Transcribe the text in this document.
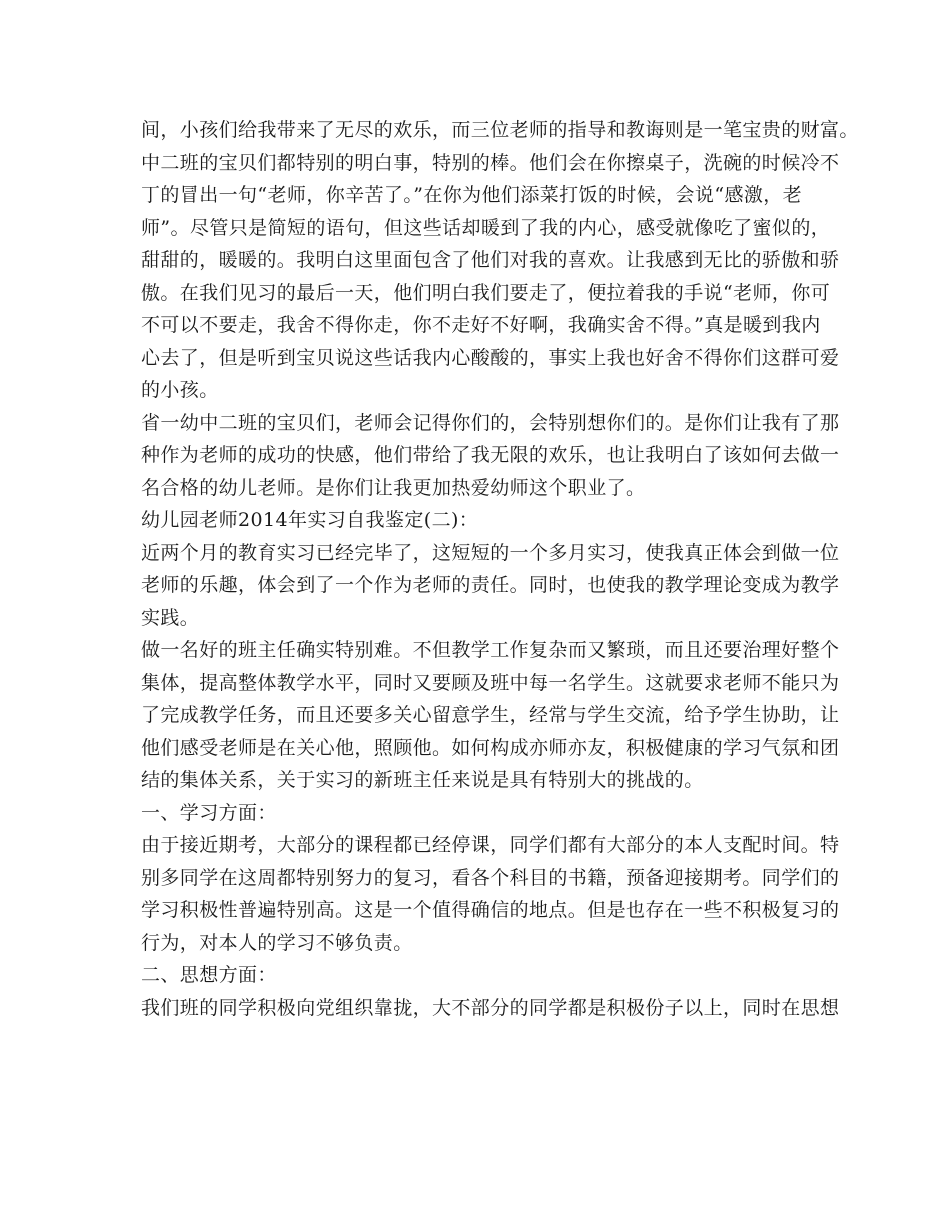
间，小孩们给我带来了无尽的欢乐，而三位老师的指导和教诲则是一笔宝贵的财富。
中二班的宝贝们都特别的明白事，特别的棒。他们会在你擦桌子，洗碗的时候冷不
丁的冒出一句“老师，你辛苦了。”在你为他们添菜打饭的时候，会说“感激，老
师”。尽管只是简短的语句，但这些话却暖到了我的内心，感受就像吃了蜜似的，
甜甜的，暖暖的。我明白这里面包含了他们对我的喜欢。让我感到无比的骄傲和骄
傲。在我们见习的最后一天，他们明白我们要走了，便拉着我的手说“老师，你可
不可以不要走，我舍不得你走，你不走好不好啊，我确实舍不得。”真是暖到我内
心去了，但是听到宝贝说这些话我内心酸酸的，事实上我也好舍不得你们这群可爱
的小孩。
省一幼中二班的宝贝们，老师会记得你们的，会特别想你们的。是你们让我有了那
种作为老师的成功的快感，他们带给了我无限的欢乐，也让我明白了该如何去做一
名合格的幼儿老师。是你们让我更加热爱幼师这个职业了。
幼儿园老师2014年实习自我鉴定(二)：
近两个月的教育实习已经完毕了，这短短的一个多月实习，使我真正体会到做一位
老师的乐趣，体会到了一个作为老师的责任。同时，也使我的教学理论变成为教学
实践。
做一名好的班主任确实特别难。不但教学工作复杂而又繁琐，而且还要治理好整个
集体，提高整体教学水平，同时又要顾及班中每一名学生。这就要求老师不能只为
了完成教学任务，而且还要多关心留意学生，经常与学生交流，给予学生协助，让
他们感受老师是在关心他，照顾他。如何构成亦师亦友，积极健康的学习气氛和团
结的集体关系，关于实习的新班主任来说是具有特别大的挑战的。
一、学习方面：
由于接近期考，大部分的课程都已经停课，同学们都有大部分的本人支配时间。特
别多同学在这周都特别努力的复习，看各个科目的书籍，预备迎接期考。同学们的
学习积极性普遍特别高。这是一个值得确信的地点。但是也存在一些不积极复习的
行为，对本人的学习不够负责。
二、思想方面：
我们班的同学积极向党组织靠拢，大不部分的同学都是积极份子以上，同时在思想
